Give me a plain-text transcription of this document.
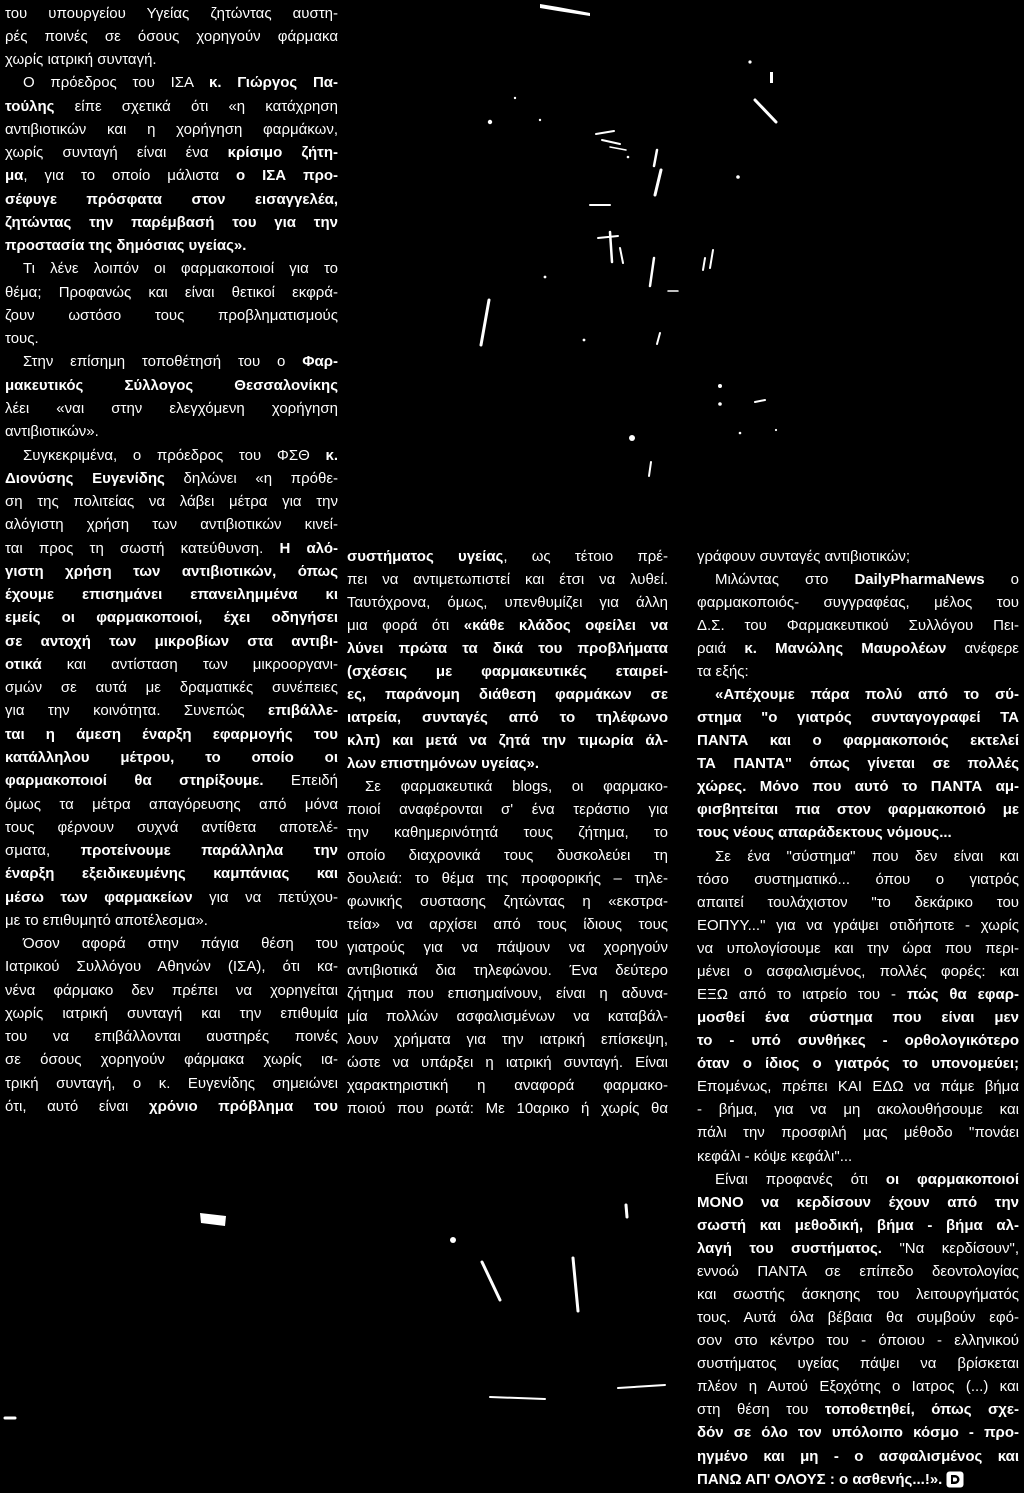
του υπουργείου Υγείας ζητώντας αυστη-
ρές ποινές σε όσους χορηγούν φάρμακα
χωρίς ιατρική συνταγή.
Ο πρόεδρος του ΙΣΑ κ. Γιώργος Πα-
τούλης είπε σχετικά ότι «η κατάχρηση
αντιβιοτικών και η χορήγηση φαρμάκων,
χωρίς συνταγή είναι ένα κρίσιμο ζήτη-
μα, για το οποίο μάλιστα ο ΙΣΑ προ-
σέφυγε πρόσφατα στον εισαγγελέα,
ζητώντας την παρέμβασή του για την
προστασία της δημόσιας υγείας».
Τι λένε λοιπόν οι φαρμακοποιοί για το
θέμα; Προφανώς και είναι θετικοί εκφρά-
ζουν ωστόσο τους προβληματισμούς
τους.
Στην επίσημη τοποθέτησή του ο Φαρ-
μακευτικός Σύλλογος Θεσσαλονίκης
λέει «ναι στην ελεγχόμενη χορήγηση
αντιβιοτικών».
Συγκεκριμένα, ο πρόεδρος του ΦΣΘ κ.
Διονύσης Ευγενίδης δηλώνει «η πρόθε-
ση της πολιτείας να λάβει μέτρα για την
αλόγιστη χρήση των αντιβιοτικών κινεί-
ται προς τη σωστή κατεύθυνση. Η αλό-
γιστη χρήση των αντιβιοτικών, όπως
έχουμε επισημάνει επανειλημμένα κι
εμείς οι φαρμακοποιοί, έχει οδηγήσει
σε αντοχή των μικροβίων στα αντιβι-
οτικά και αντίσταση των μικροοργανι-
σμών σε αυτά με δραματικές συνέπειες
για την κοινότητα. Συνεπώς επιβάλλε-
ται η άμεση έναρξη εφαρμογής του
κατάλληλου μέτρου, το οποίο οι
φαρμακοποιοί θα στηρίξουμε. Επειδή
όμως τα μέτρα απαγόρευσης από μόνα
τους φέρνουν συχνά αντίθετα αποτελέ-
σματα, προτείνουμε παράλληλα την
έναρξη εξειδικευμένης καμπάνιας και
μέσω των φαρμακείων για να πετύχου-
με το επιθυμητό αποτέλεσμα».
Όσον αφορά στην πάγια θέση του
Ιατρικού Συλλόγου Αθηνών (ΙΣΑ), ότι κα-
νένα φάρμακο δεν πρέπει να χορηγείται
χωρίς ιατρική συνταγή και την επιθυμία
του να επιβάλλονται αυστηρές ποινές
σε όσους χορηγούν φάρμακα χωρίς ια-
τρική συνταγή, ο κ. Ευγενίδης σημειώνει
ότι, αυτό είναι χρόνιο πρόβλημα του
συστήματος υγείας, ως τέτοιο πρέ-
πει να αντιμετωπιστεί και έτσι να λυθεί.
Ταυτόχρονα, όμως, υπενθυμίζει για άλλη
μια φορά ότι «κάθε κλάδος οφείλει να
λύνει πρώτα τα δικά του προβλήματα
(σχέσεις με φαρμακευτικές εταιρεί-
ες, παράνομη διάθεση φαρμάκων σε
ιατρεία, συνταγές από το τηλέφωνο
κλπ) και μετά να ζητά την τιμωρία άλ-
λων επιστημόνων υγείας».
Σε φαρμακευτικά blogs, οι φαρμακο-
ποιοί αναφέρονται σ' ένα τεράστιο για
την καθημερινότητά τους ζήτημα, το
οποίο διαχρονικά τους δυσκολεύει τη
δουλειά: το θέμα της προφορικής – τηλε-
φωνικής συστασης ζητώντας η «εκστρα-
τεία» να αρχίσει από τους ίδιους τους
γιατρούς για να πάψουν να χορηγούν
αντιβιοτικά δια τηλεφώνου. Ένα δεύτερο
ζήτημα που επισημαίνουν, είναι η αδυνα-
μία πολλών ασφαλισμένων να καταβάλ-
λουν χρήματα για την ιατρική επίσκεψη,
ώστε να υπάρξει η ιατρική συνταγή. Είναι
χαρακτηριστική η αναφορά φαρμακο-
ποιού που ρωτά: Με 10αρικο ή χωρίς θα
γράφουν συνταγές αντιβιοτικών;
Μιλώντας στο DailyPharmaNews ο
φαρμακοποιός- συγγραφέας, μέλος του
Δ.Σ. του Φαρμακευτικού Συλλόγου Πει-
ραιά κ. Μανώλης Μαυρολέων ανέφερε
τα εξής:
«Απέχουμε πάρα πολύ από το σύ-
στημα "ο γιατρός συνταγογραφεί ΤΑ
ΠΑΝΤΑ και ο φαρμακοποιός εκτελεί
ΤΑ ΠΑΝΤΑ" όπως γίνεται σε πολλές
χώρες. Μόνο που αυτό το ΠΑΝΤΑ αμ-
φισβητείται πια στον φαρμακοποιό με
τους νέους απαράδεκτους νόμους...
Σε ένα "σύστημα" που δεν είναι και
τόσο συστηματικό... όπου ο γιατρός
απαιτεί τουλάχιστον "το δεκάρικο του
ΕΟΠΥΥ..." για να γράψει οτιδήποτε - χωρίς
να υπολογίσουμε και την ώρα που περι-
μένει ο ασφαλισμένος, πολλές φορές: και
ΕΞΩ από το ιατρείο του - πώς θα εφαρ-
μοσθεί ένα σύστημα που είναι μεν
το - υπό συνθήκες - ορθολογικότερο
όταν ο ίδιος ο γιατρός το υπονομεύει;
Επομένως, πρέπει ΚΑΙ ΕΔΩ να πάμε βήμα
- βήμα, για να μη ακολουθήσουμε και
πάλι την προσφιλή μας μέθοδο "πονάει
κεφάλι - κόψε κεφάλι"...
Είναι προφανές ότι οι φαρμακοποιοί
ΜΟΝΟ να κερδίσουν έχουν από την
σωστή και μεθοδική, βήμα - βήμα αλ-
λαγή του συστήματος. "Να κερδίσουν",
εννοώ ΠΑΝΤΑ σε επίπεδο δεοντολογίας
και σωστής άσκησης του λειτουργήματός
τους. Αυτά όλα βέβαια θα συμβούν εφό-
σον στο κέντρο του - όποιου - ελληνικού
συστήματος υγείας πάψει να βρίσκεται
πλέον η Αυτού Εξοχότης ο Ιατρος (...) και
στη θέση του τοποθετηθεί, όπως σχε-
δόν σε όλο τον υπόλοιπο κόσμο - προ-
ηγμένο και μη - ο ασφαλισμένος και
ΠΑΝΩ ΑΠ' ΟΛΟΥΣ : ο ασθενής...!».
